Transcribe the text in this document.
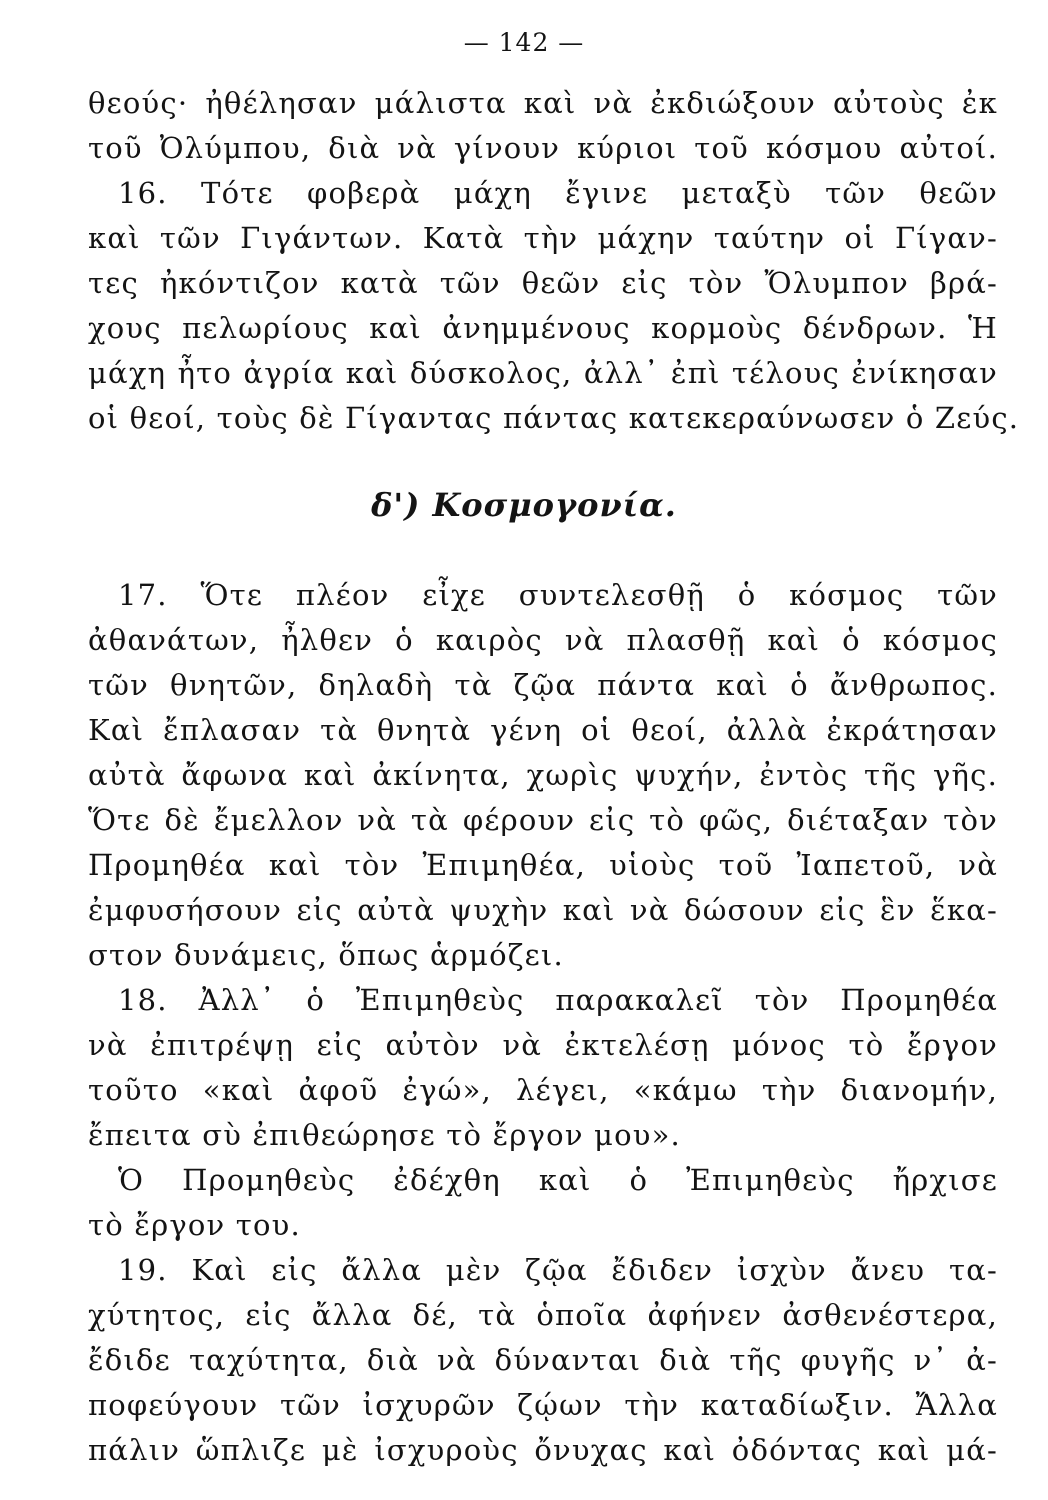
— 142 —
θεούς· ἠθέλησαν μάλιστα καὶ νὰ ἐκδιώξουν αὐτοὺς ἐκ
τοῦ Ὀλύμπου, διὰ νὰ γίνουν κύριοι τοῦ κόσμου αὐτοί.
16. Τότε φοβερὰ μάχη ἔγινε μεταξὺ τῶν θεῶν
καὶ τῶν Γιγάντων. Κατὰ τὴν μάχην ταύτην οἱ Γίγαν-
τες ἠκόντιζον κατὰ τῶν θεῶν εἰς τὸν Ὄλυμπον βρά-
χους πελωρίους καὶ ἀνημμένους κορμοὺς δένδρων. Ἡ
μάχη ἦτο ἀγρία καὶ δύσκολος, ἀλλ᾿ ἐπὶ τέλους ἐνίκησαν
οἱ θεοί, τοὺς δὲ Γίγαντας πάντας κατεκεραύνωσεν ὁ Ζεύς.
δ') Κοσμογονία.
17. Ὅτε πλέον εἶχε συντελεσθῇ ὁ κόσμος τῶν
ἀθανάτων, ἦλθεν ὁ καιρὸς νὰ πλασθῇ καὶ ὁ κόσμος
τῶν θνητῶν, δηλαδὴ τὰ ζῷα πάντα καὶ ὁ ἄνθρωπος.
Καὶ ἔπλασαν τὰ θνητὰ γένη οἱ θεοί, ἀλλὰ ἐκράτησαν
αὐτὰ ἄφωνα καὶ ἀκίνητα, χωρὶς ψυχήν, ἐντὸς τῆς γῆς.
Ὅτε δὲ ἔμελλον νὰ τὰ φέρουν εἰς τὸ φῶς, διέταξαν τὸν
Προμηθέα καὶ τὸν Ἐπιμηθέα, υἱοὺς τοῦ Ἰαπετοῦ, νὰ
ἐμφυσήσουν εἰς αὐτὰ ψυχὴν καὶ νὰ δώσουν εἰς ἓν ἕκα-
στον δυνάμεις, ὅπως ἁρμόζει.
18. Ἀλλ᾿ ὁ Ἐπιμηθεὺς παρακαλεῖ τὸν Προμηθέα
νὰ ἐπιτρέψῃ εἰς αὐτὸν νὰ ἐκτελέσῃ μόνος τὸ ἔργον
τοῦτο «καὶ ἀφοῦ ἐγώ», λέγει, «κάμω τὴν διανομήν,
ἔπειτα σὺ ἐπιθεώρησε τὸ ἔργον μου».
Ὁ Προμηθεὺς ἐδέχθη καὶ ὁ Ἐπιμηθεὺς ἤρχισε
τὸ ἔργον του.
19. Καὶ εἰς ἄλλα μὲν ζῷα ἔδιδεν ἰσχὺν ἄνευ τα-
χύτητος, εἰς ἄλλα δέ, τὰ ὁποῖα ἀφήνεν ἀσθενέστερα,
ἔδιδε ταχύτητα, διὰ νὰ δύνανται διὰ τῆς φυγῆς ν᾿ ἀ-
ποφεύγουν τῶν ἰσχυρῶν ζῴων τὴν καταδίωξιν. Ἄλλα
πάλιν ὥπλιζε μὲ ἰσχυροὺς ὄνυχας καὶ ὀδόντας καὶ μά-
